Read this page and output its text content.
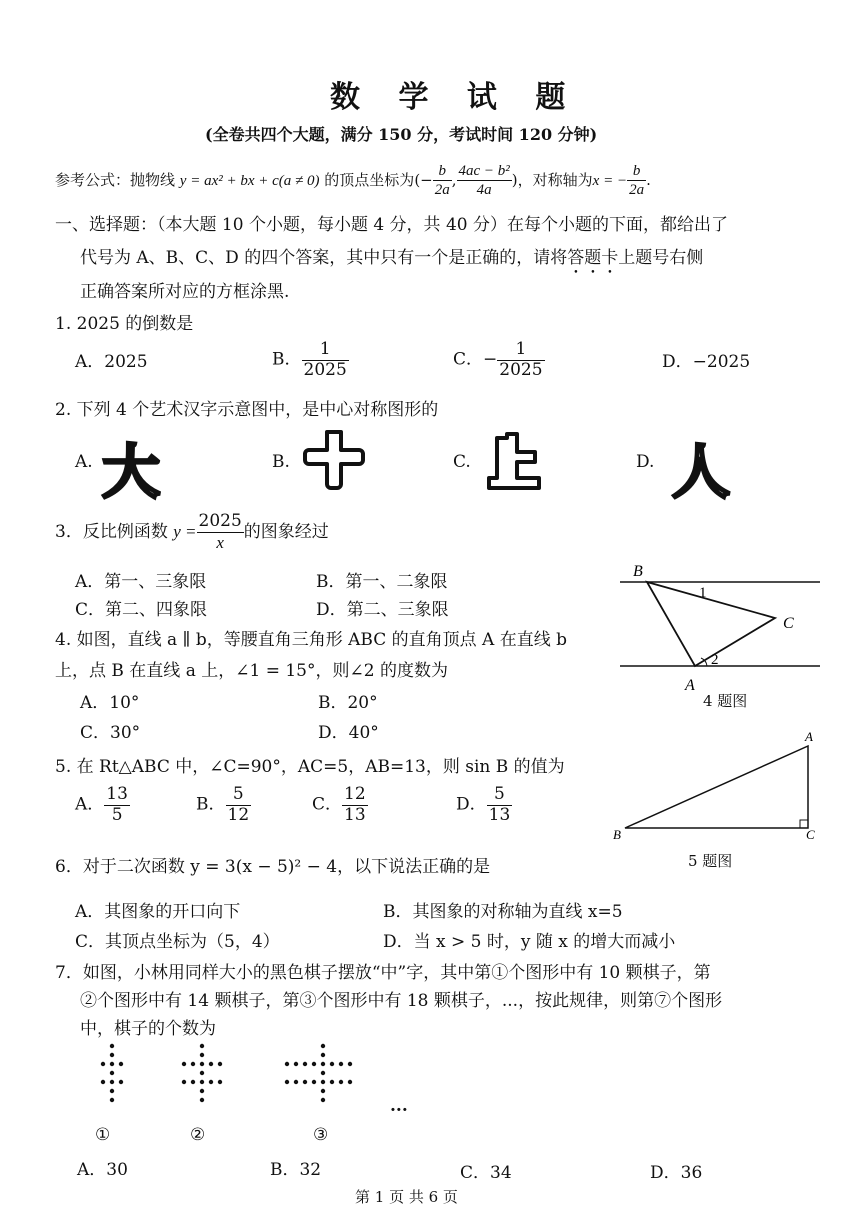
数 学 试 题
(全卷共四个大题，满分 150 分，考试时间 120 分钟)
参考公式：抛物线 y = ax² + bx + c(a ≠ 0) 的顶点坐标为(− $\frac{b}{2a}$ , $\frac{\text{4ac − b²}}{4a}$ )，对称轴为x = − $\frac{b}{2a}$ .
一、选择题：（本大题 10 个小题，每小题 4 分，共 40 分）在每个小题的下面，都给出了
代号为 A、B、C、D 的四个答案，其中只有一个是正确的，请将答题卡上题号右侧
正确答案所对应的方框涂黑.
1. 2025 的倒数是
A．2025	B． $\frac{1}{2025}$	C．− $\frac{1}{2025}$	D．−2025
2. 下列 4 个艺术汉字示意图中，是中心对称图形的
A. 大	B.	C.	D. 人
3．反比例函数 $y = \frac{2025}{x}$ 的图象经过
A．第一、三象限	B．第一、二象限
C．第二、四象限	D．第二、三象限
4. 如图，直线 a ∥ b，等腰直角三角形 ABC 的直角顶点 A 在直线 b
上，点 B 在直线 a 上，∠1 = 15°，则∠2 的度数为
A．10°	B．20°
C．30°	D．40°
B
1
C
2
A
4 题图
5. 在 Rt△ABC 中，∠C=90°，AC=5，AB=13，则 sin B 的值为
A． $\frac{13}{5}$	B． $\frac{5}{12}$	C． $\frac{12}{13}$	D． $\frac{5}{13}$
A
B	C
5 题图
6．对于二次函数 y = 3(x − 5)² − 4，以下说法正确的是
A．其图象的开口向下	B．其图象的对称轴为直线 x=5
C．其顶点坐标为（5，4）	D．当 x > 5 时，y 随 x 的增大而减小
7．如图，小林用同样大小的黑色棋子摆放“中”字，其中第①个图形中有 10 颗棋子，第
②个图形中有 14 颗棋子，第③个图形中有 18 颗棋子，...，按此规律，则第⑦个图形
中，棋子的个数为
...
①	②	③
A．30	B．32	C．34	D．36
第 1 页 共 6 页
